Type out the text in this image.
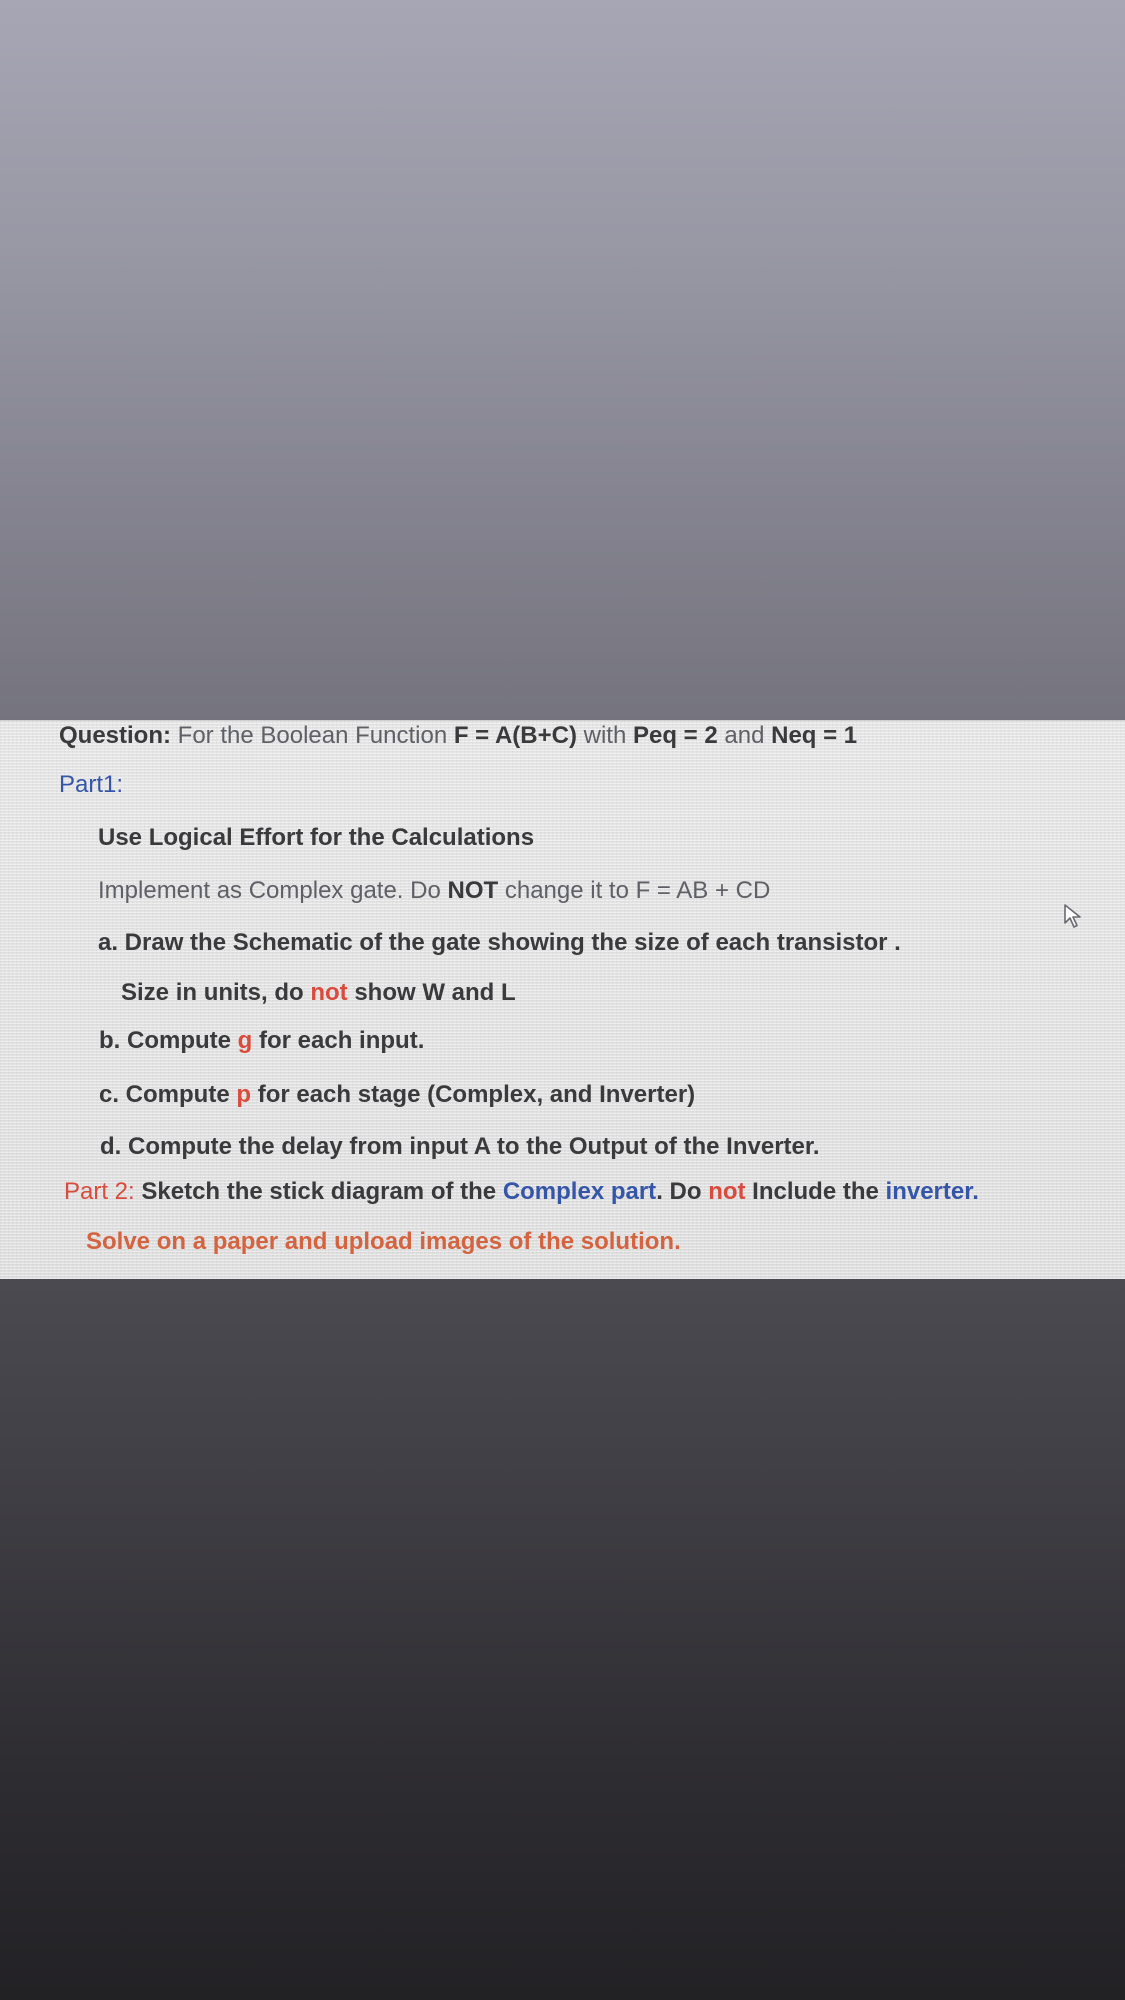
Question: For the Boolean Function F = A(B+C) with Peq = 2 and Neq = 1
Part1:
Use Logical Effort for the Calculations
Implement as Complex gate. Do NOT change it to F = AB + CD
a. Draw the Schematic of the gate showing the size of each transistor .
Size in units, do not show W and L
b. Compute g for each input.
c. Compute p for each stage (Complex, and Inverter)
d. Compute the delay from input A to the Output of the Inverter.
Part 2: Sketch the stick diagram of the Complex part. Do not Include the inverter.
Solve on a paper and upload images of the solution.
